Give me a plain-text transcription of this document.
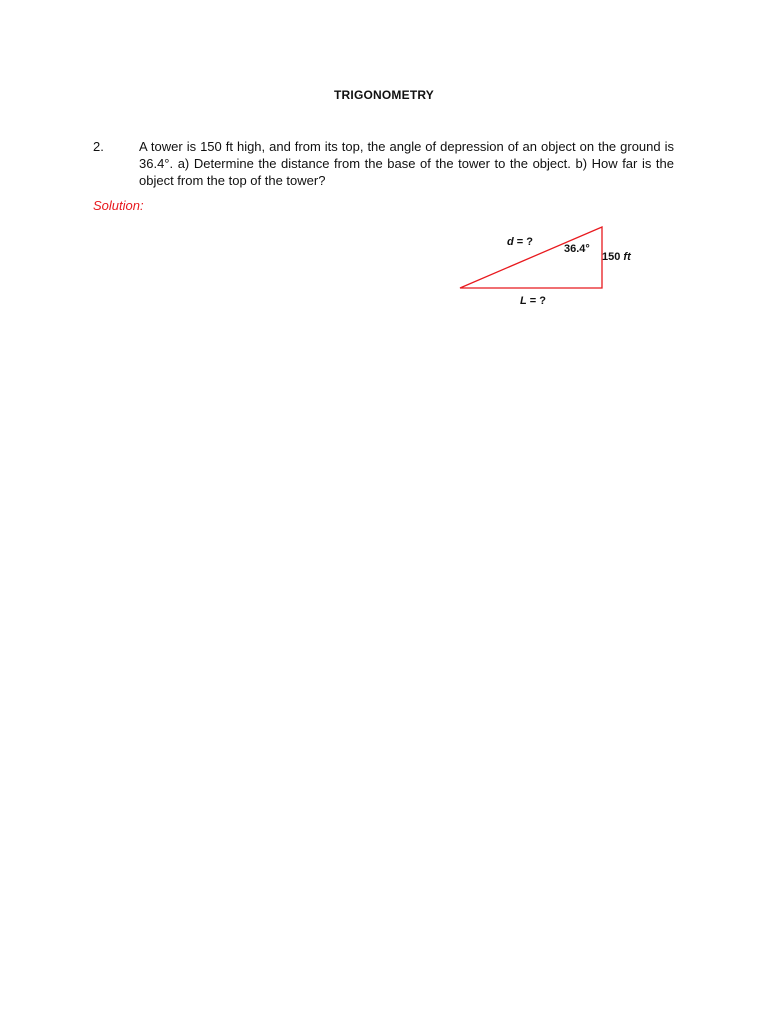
TRIGONOMETRY
2.	A tower is 150 ft high, and from its top, the angle of depression of an object on the ground is 36.4°. a) Determine the distance from the base of the tower to the object. b) How far is the object from the top of the tower?
Solution:
d = ?
36.4°
150 ft
L = ?
